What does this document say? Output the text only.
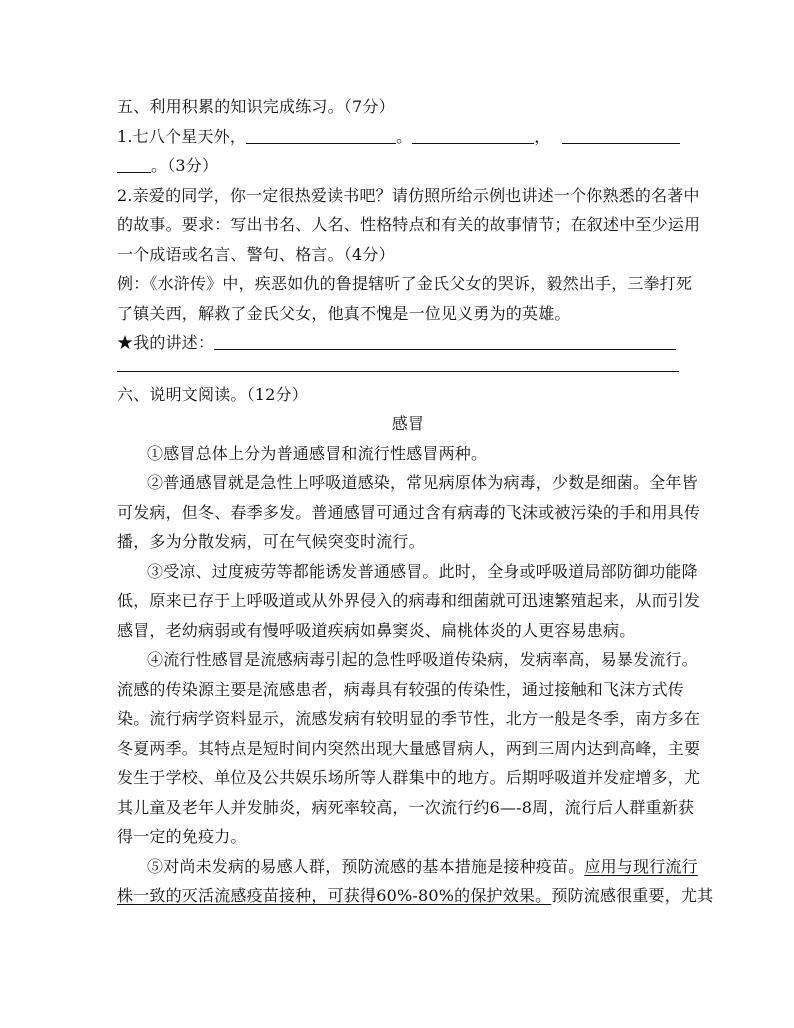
五、利用积累的知识完成练习。（7分）
1.七八个星天外，	。	，
。（3分）
2.亲爱的同学，你一定很热爱读书吧？请仿照所给示例也讲述一个你熟悉的名著中
的故事。要求：写出书名、人名、性格特点和有关的故事情节；在叙述中至少运用
一个成语或名言、警句、格言。（4分）
例：《水浒传》中，疾恶如仇的鲁提辖听了金氏父女的哭诉，毅然出手，三拳打死
了镇关西，解救了金氏父女，他真不愧是一位见义勇为的英雄。
★我的讲述：
六、说明文阅读。（12分）
感冒
①感冒总体上分为普通感冒和流行性感冒两种。
②普通感冒就是急性上呼吸道感染，常见病原体为病毒，少数是细菌。全年皆
可发病，但冬、春季多发。普通感冒可通过含有病毒的飞沫或被污染的手和用具传
播，多为分散发病，可在气候突变时流行。
③受凉、过度疲劳等都能诱发普通感冒。此时，全身或呼吸道局部防御功能降
低，原来已存于上呼吸道或从外界侵入的病毒和细菌就可迅速繁殖起来，从而引发
感冒，老幼病弱或有慢呼吸道疾病如鼻窦炎、扁桃体炎的人更容易患病。
④流行性感冒是流感病毒引起的急性呼吸道传染病，发病率高，易暴发流行。
流感的传染源主要是流感患者，病毒具有较强的传染性，通过接触和飞沫方式传
染。流行病学资料显示，流感发病有较明显的季节性，北方一般是冬季，南方多在
冬夏两季。其特点是短时间内突然出现大量感冒病人，两到三周内达到高峰，主要
发生于学校、单位及公共娱乐场所等人群集中的地方。后期呼吸道并发症增多，尤
其儿童及老年人并发肺炎，病死率较高，一次流行约6—-8周，流行后人群重新获
得一定的免疫力。
⑤对尚未发病的易感人群，预防流感的基本措施是接种疫苗。应用与现行流行
株一致的灭活流感疫苗接种，可获得60%-80%的保护效果。预防流感很重要，尤其
